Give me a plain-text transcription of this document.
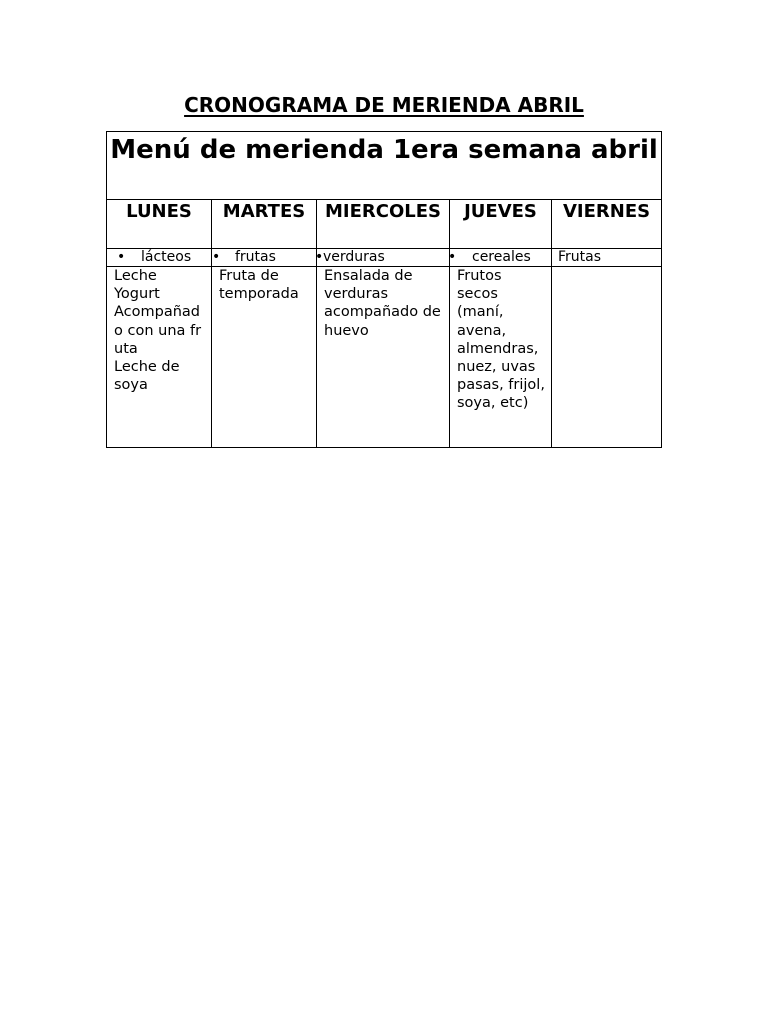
CRONOGRAMA DE MERIENDA ABRIL
Menú de merienda 1era semana abril				
LUNES	MARTES	MIERCOLES	JUEVES	VIERNES
• lácteos	• frutas	•verduras	• cereales	Frutas

Leche
Yogurt
Acompañado con una fruta
Leche de soya	Fruta de temporada	Ensalada de verduras acompañado de huevo	Frutos secos (maní, avena, almendras, nuez, uvas pasas, frijol, soya, etc)	
